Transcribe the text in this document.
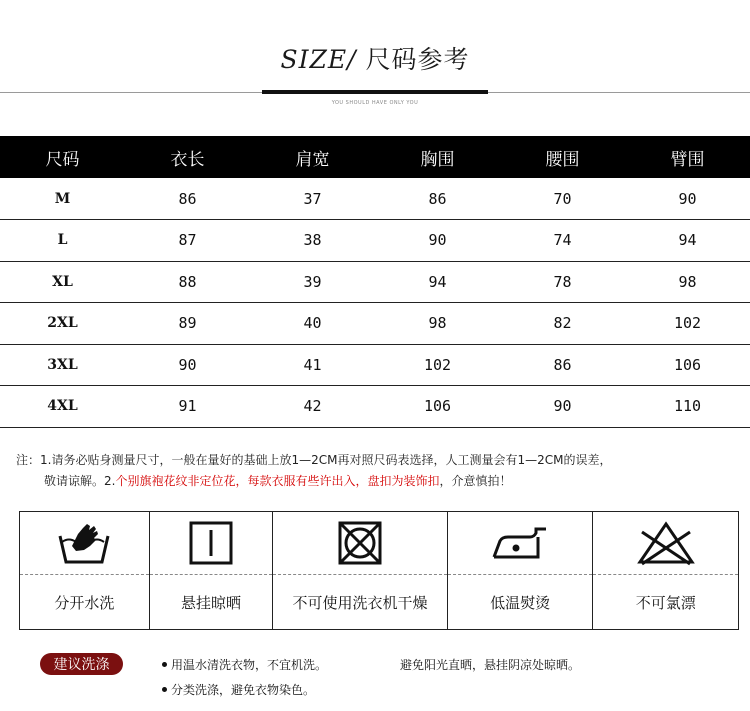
SIZE/ 尺码参考
YOU SHOULD HAVE ONLY YOU
尺码	衣长	肩宽	胸围	腰围	臂围
M	86	37	86	70	90
L	87	38	90	74	94
XL	88	39	94	78	98
2XL	89	40	98	82	102
3XL	90	41	102	86	106
4XL	91	42	106	90	110
注：1.请务必贴身测量尺寸，一般在量好的基础上放1—2CM再对照尺码表选择，人工测量会有1—2CM的误差，
敬请谅解。2.个别旗袍花纹非定位花，每款衣服有些许出入，盘扣为装饰扣，介意慎拍！
分开水洗	悬挂晾晒	不可使用洗衣机干燥	低温熨烫	不可氯漂
建议洗涤	用温水清洗衣物，不宜机洗。	避免阳光直晒，悬挂阴凉处晾晒。
分类洗涤，避免衣物染色。
